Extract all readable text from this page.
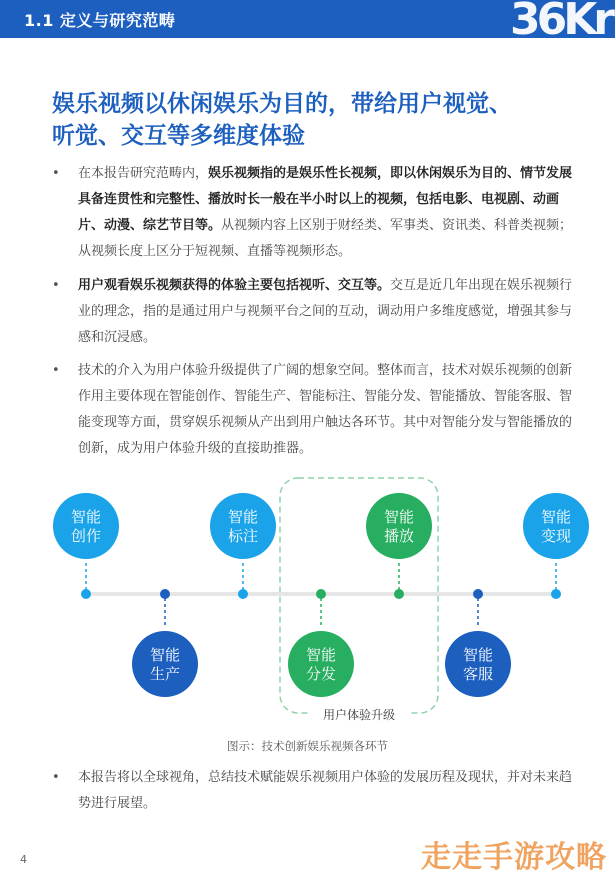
1.1 定义与研究范畴	36Kr
娱乐视频以休闲娱乐为目的，带给用户视觉、
听觉、交互等多维度体验
•	在本报告研究范畴内，娱乐视频指的是娱乐性长视频，即以休闲娱乐为目的、情节发展具备连贯性和完整性、播放时长一般在半小时以上的视频，包括电影、电视剧、动画片、动漫、综艺节目等。从视频内容上区别于财经类、军事类、资讯类、科普类视频；从视频长度上区分于短视频、直播等视频形态。
•	用户观看娱乐视频获得的体验主要包括视听、交互等。交互是近几年出现在娱乐视频行业的理念，指的是通过用户与视频平台之间的互动，调动用户多维度感觉，增强其参与感和沉浸感。
•	技术的介入为用户体验升级提供了广阔的想象空间。整体而言，技术对娱乐视频的创新作用主要体现在智能创作、智能生产、智能标注、智能分发、智能播放、智能客服、智能变现等方面，贯穿娱乐视频从产出到用户触达各环节。其中对智能分发与智能播放的创新，成为用户体验升级的直接助推器。
用户体验升级
智能
创作
智能
生产
智能
标注
智能
分发
智能
播放
智能
客服
智能
变现
图示：技术创新娱乐视频各环节
•	本报告将以全球视角，总结技术赋能娱乐视频用户体验的发展历程及现状，并对未来趋势进行展望。
4	走走手游攻略
